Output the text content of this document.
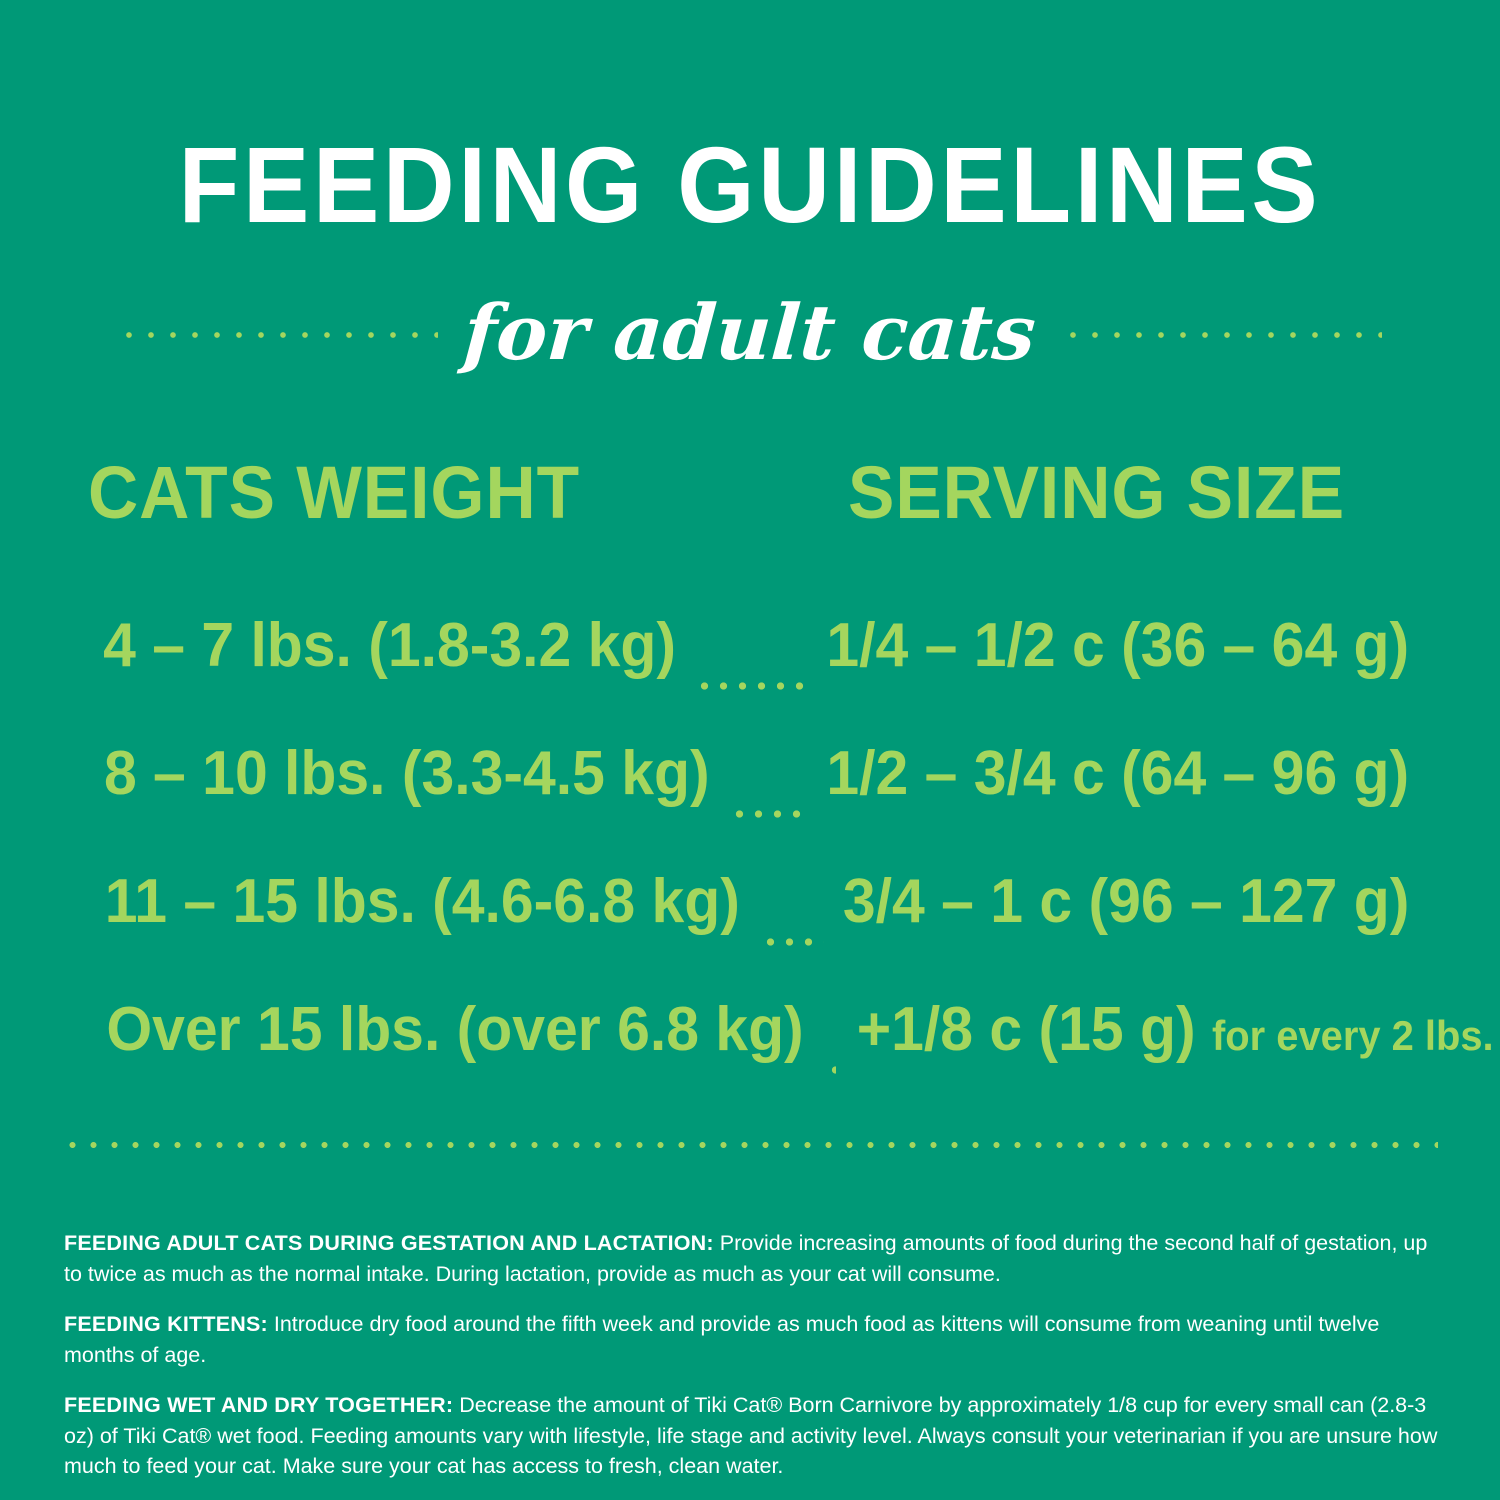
FEEDING GUIDELINES
for adult cats
CATS WEIGHT	SERVING SIZE
4 – 7 lbs. (1.8-3.2 kg) 1/4 – 1/2 c (36 – 64 g)
8 – 10 lbs. (3.3-4.5 kg) 1/2 – 3/4 c (64 – 96 g)
11 – 15 lbs. (4.6-6.8 kg) 3/4 – 1 c (96 – 127 g)
Over 15 lbs. (over 6.8 kg) +1/8 c (15 g) for every 2 lbs.
FEEDING ADULT CATS DURING GESTATION AND LACTATION: Provide increasing amounts of food during the second half of gestation, up to twice as much as the normal intake. During lactation, provide as much as your cat will consume.
FEEDING KITTENS: Introduce dry food around the fifth week and provide as much food as kittens will consume from weaning until twelve months of age.
FEEDING WET AND DRY TOGETHER: Decrease the amount of Tiki Cat® Born Carnivore by approximately 1/8 cup for every small can (2.8-3 oz) of Tiki Cat® wet food. Feeding amounts vary with lifestyle, life stage and activity level. Always consult your veterinarian if you are unsure how much to feed your cat. Make sure your cat has access to fresh, clean water.
